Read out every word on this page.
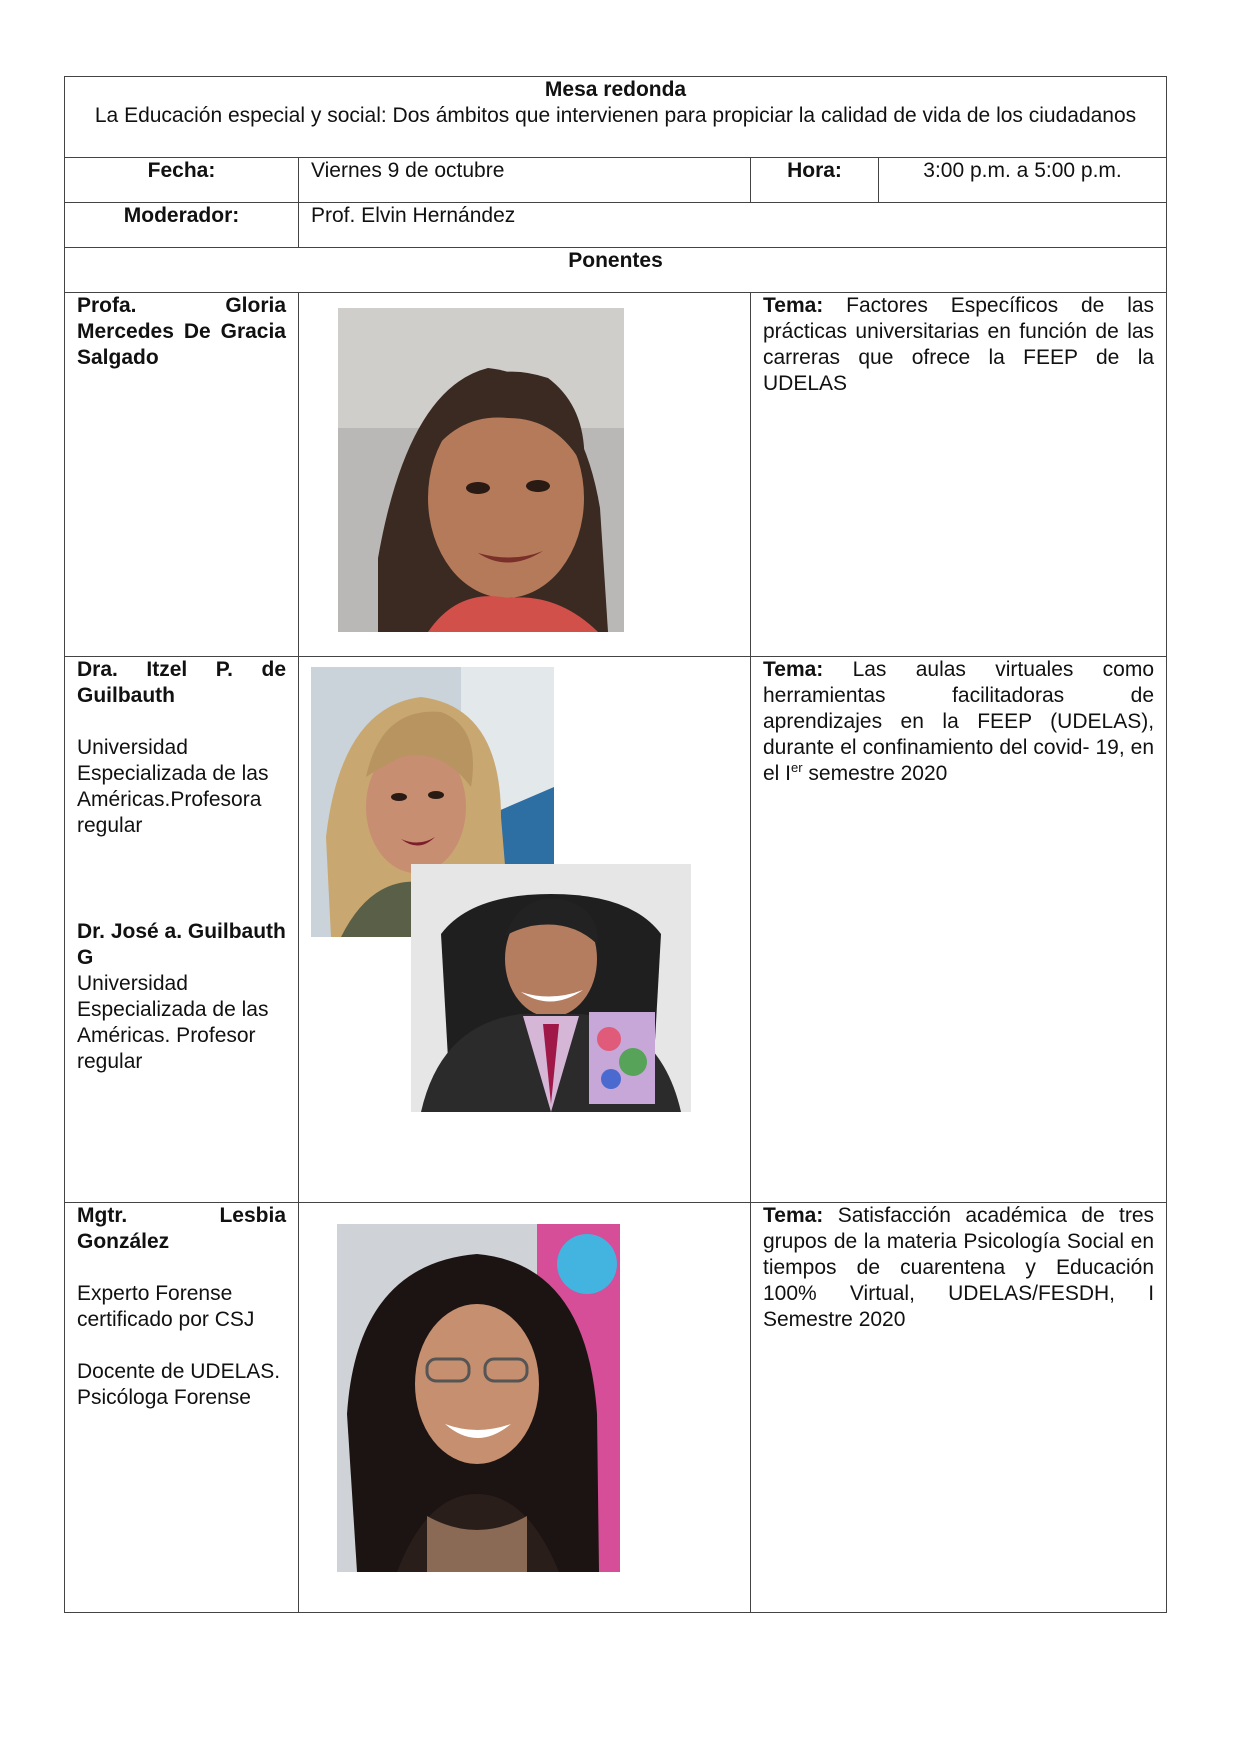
Mesa redonda
La Educación especial y social: Dos ámbitos que intervienen para propiciar la calidad de vida de los ciudadanos			

Fecha:	Viernes 9 de octubre	Hora:	3:00 p.m. a 5:00 p.m.
Moderador:	Prof. Elvin Hernández		
Ponentes			
Profa. Gloria Mercedes De Gracia Salgado		Tema: Factores Específicos de las prácticas universitarias en función de las carreras que ofrece la FEEP de la UDELAS	

Dra. Itzel P. de Guilbauth
Universidad Especializada de las Américas.Profesora regular
Dr. José a. Guilbauth G
Universidad Especializada de las Américas. Profesor regular		Tema: Las aulas virtuales como herramientas facilitadoras de aprendizajes en la FEEP (UDELAS), durante el confinamiento del covid- 19, en el Ier semestre 2020	

Mgtr. Lesbia González
Experto Forense certificado por CSJ
Docente de UDELAS. Psicóloga Forense		Tema: Satisfacción académica de tres grupos de la materia Psicología Social en tiempos de cuarentena y Educación 100% Virtual, UDELAS/FESDH, I Semestre 2020	
